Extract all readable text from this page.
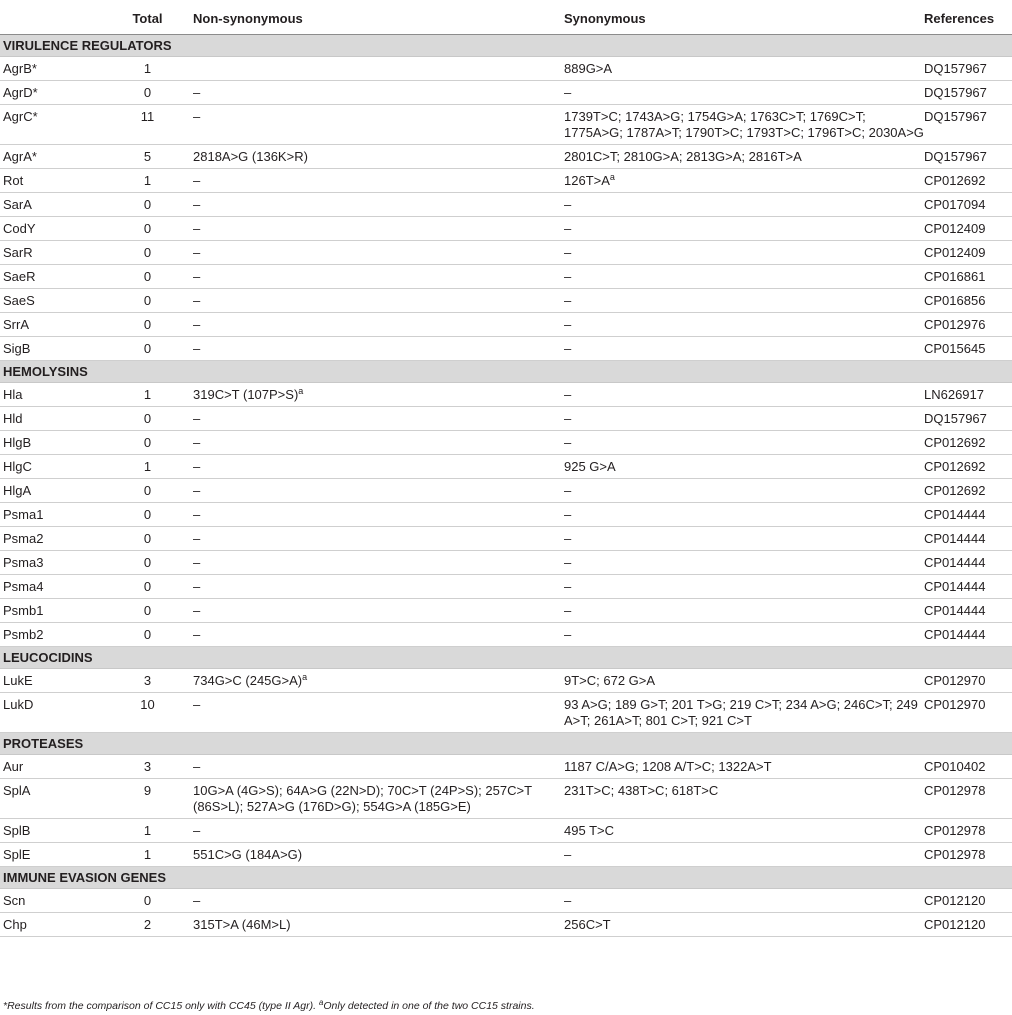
	Total	Non-synonymous	Synonymous	References
VIRULENCE REGULATORS				
AgrB*	1		889G>A	DQ157967
AgrD*	0	–	–	DQ157967
AgrC*	11	–	1739T>C; 1743A>G; 1754G>A; 1763C>T; 1769C>T; 1775A>G; 1787A>T; 1790T>C; 1793T>C; 1796T>C; 2030A>G	DQ157967
AgrA*	5	2818A>G (136K>R)	2801C>T; 2810G>A; 2813G>A; 2816T>A	DQ157967
Rot	1	–	$126T>A^a$	CP012692
SarA	0	–	–	CP017094
CodY	0	–	–	CP012409
SarR	0	–	–	CP012409
SaeR	0	–	–	CP016861
SaeS	0	–	–	CP016856
SrrA	0	–	–	CP012976
SigB	0	–	–	CP015645
HEMOLYSINS				
Hla	1	319C>T (107P>S)$^a$	–	LN626917
Hld	0	–	–	DQ157967
HlgB	0	–	–	CP012692
HlgC	1	–	925 G>A	CP012692
HlgA	0	–	–	CP012692
Psma1	0	–	–	CP014444
Psma2	0	–	–	CP014444
Psma3	0	–	–	CP014444
Psma4	0	–	–	CP014444
Psmb1	0	–	–	CP014444
Psmb2	0	–	–	CP014444
LEUCOCIDINS				
LukE	3	734G>C (245G>A)$^a$	9T>C; 672 G>A	CP012970
LukD	10	–	93 A>G; 189 G>T; 201 T>G; 219 C>T; 234 A>G; 246C>T; 249 A>T; 261A>T; 801 C>T; 921 C>T	CP012970
PROTEASES				
Aur	3	–	1187 C/A>G; 1208 A/T>C; 1322A>T	CP010402
SplA	9	10G>A (4G>S); 64A>G (22N>D); 70C>T (24P>S); 257C>T (86S>L); 527A>G (176D>G); 554G>A (185G>E)	231T>C; 438T>C; 618T>C	CP012978
SplB	1	–	495 T>C	CP012978
SplE	1	551C>G (184A>G)	–	CP012978
IMMUNE EVASION GENES				
Scn	0	–	–	CP012120
Chp	2	315T>A (46M>L)	256C>T	CP012120
*Results from the comparison of CC15 only with CC45 (type II Agr). $^a$Only detected in one of the two CC15 strains.
